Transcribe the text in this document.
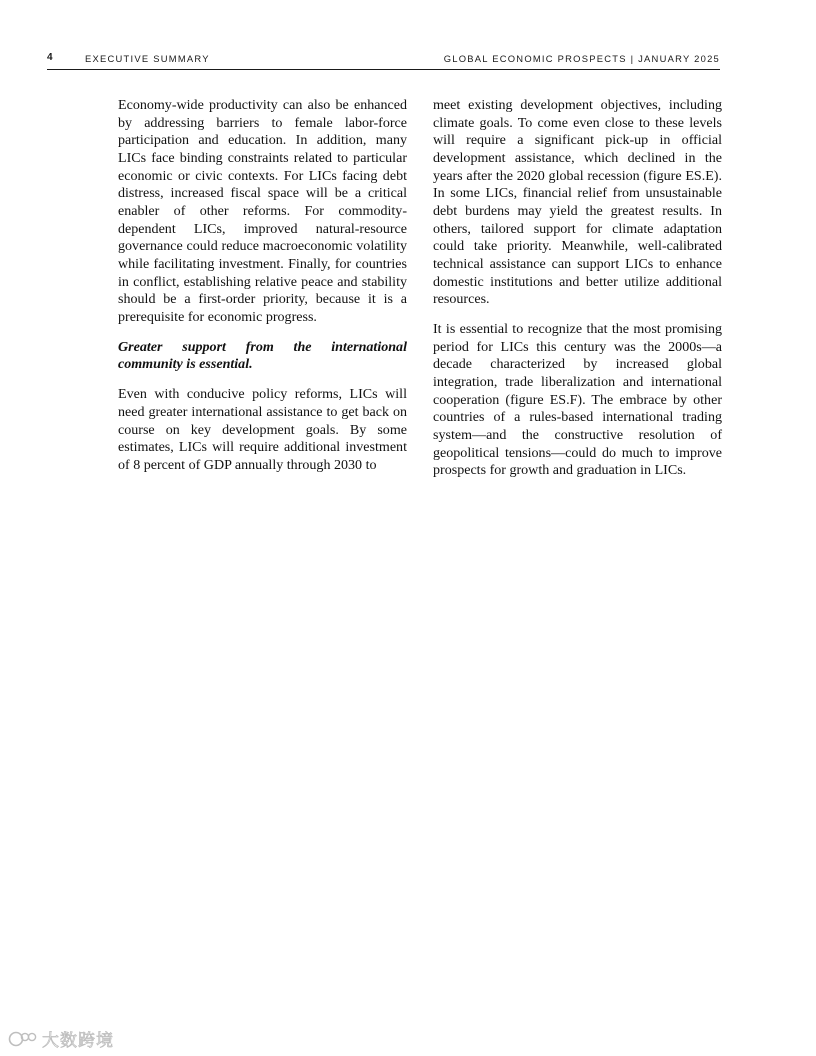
4	EXECUTIVE SUMMARY	GLOBAL ECONOMIC PROSPECTS | JANUARY 2025

Economy-wide productivity can also be enhanced by addressing barriers to female labor-force participation and education. In addition, many LICs face binding constraints related to particular economic or civic contexts. For LICs facing debt distress, increased fiscal space will be a critical enabler of other reforms. For commodity-dependent LICs, improved natural-resource governance could reduce macroeconomic volatility while facilitating investment. Finally, for countries in conflict, establishing relative peace and stability should be a first-order priority, because it is a prerequisite for economic progress.

Greater support from the international community is essential.

Even with conducive policy reforms, LICs will need greater international assistance to get back on course on key development goals. By some estimates, LICs will require additional investment of 8 percent of GDP annually through 2030 to

meet existing development objectives, including climate goals. To come even close to these levels will require a significant pick-up in official development assistance, which declined in the years after the 2020 global recession (figure ES.E). In some LICs, financial relief from unsustainable debt burdens may yield the greatest results. In others, tailored support for climate adaptation could take priority. Meanwhile, well-calibrated technical assistance can support LICs to enhance domestic institutions and better utilize additional resources.

It is essential to recognize that the most promising period for LICs this century was the 2000s—a decade characterized by increased global integration, trade liberalization and international cooperation (figure ES.F). The embrace by other countries of a rules-based international trading system—and the constructive resolution of geopolitical tensions—could do much to improve prospects for growth and graduation in LICs.

大数跨境
